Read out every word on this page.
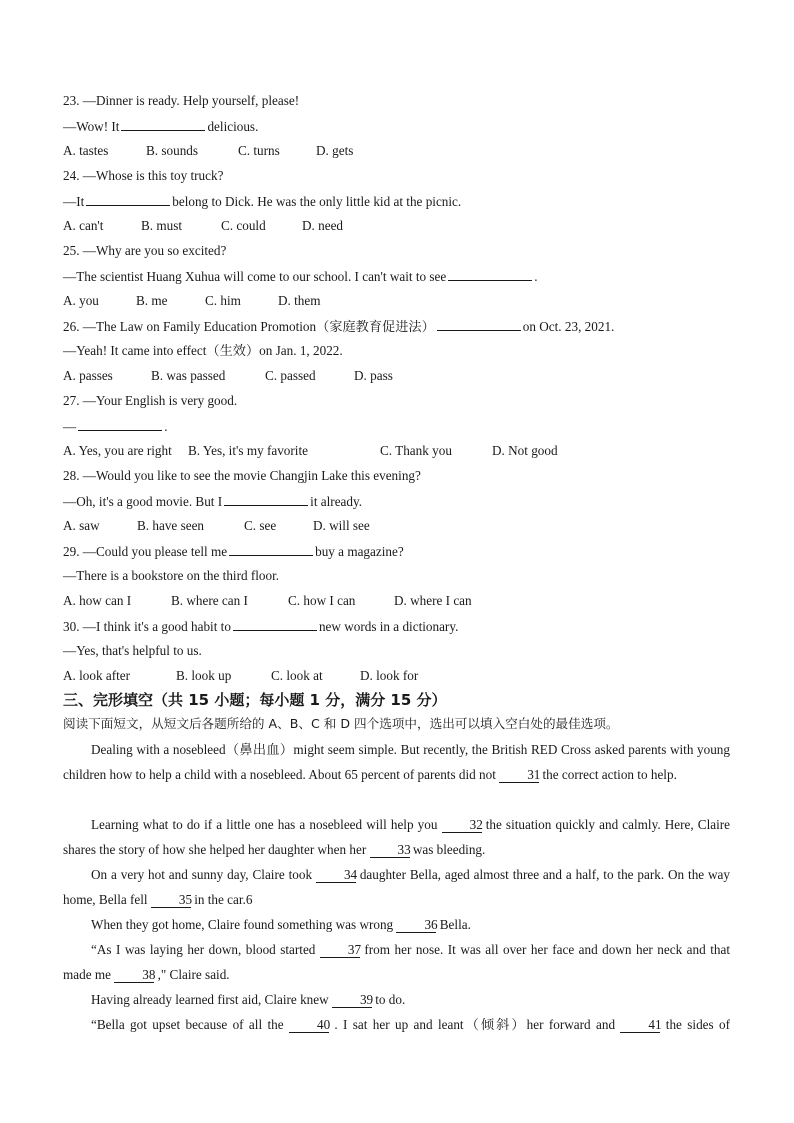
23. —Dinner is ready. Help yourself, please!
—Wow! It	delicious.
A. tastes	B. sounds	C. turns	D. gets
24. —Whose is this toy truck?
—It	belong to Dick. He was the only little kid at the picnic.
A. can't	B. must	C. could	D. need
25. —Why are you so excited?
—The scientist Huang Xuhua will come to our school. I can't wait to see	.
A. you	B. me	C. him	D. them
26. —The Law on Family Education Promotion（家庭教育促进法）	on Oct. 23, 2021.
—Yeah! It came into effect（生效）on Jan. 1, 2022.
A. passes	B. was passed	C. passed	D. pass
27. —Your English is very good.
—	.
A. Yes, you are right B. Yes, it's my favorite	C. Thank you	D. Not good
28. —Would you like to see the movie Changjin Lake this evening?
—Oh, it's a good movie. But I	it already.
A. saw	B. have seen	C. see	D. will see
29. —Could you please tell me	buy a magazine?
—There is a bookstore on the third floor.
A. how can I	B. where can I	C. how I can	D. where I can
30. —I think it's a good habit to	new words in a dictionary.
—Yes, that's helpful to us.
A. look after	B. look up	C. look at	D. look for
三、完形填空（共 15 小题；每小题 1 分，满分 15 分）
阅读下面短文，从短文后各题所给的 A、B、C 和 D 四个选项中，选出可以填入空白处的最佳选项。
Dealing with a nosebleed（鼻出血）might seem simple. But recently, the British RED Cross asked parents with young children how to help a child with a nosebleed. About 65 percent of parents did not 31 the correct action to help.
Learning what to do if a little one has a nosebleed will help you 32 the situation quickly and calmly. Here, Claire shares the story of how she helped her daughter when her 33 was bleeding.
On a very hot and sunny day, Claire took 34 daughter Bella, aged almost three and a half, to the park. On the way home, Bella fell 35 in the car.6
When they got home, Claire found something was wrong 36 Bella.
“As I was laying her down, blood started 37 from her nose. It was all over her face and down her neck and that made me 38 ," Claire said.
Having already learned first aid, Claire knew 39 to do.
“Bella got upset because of all the 40 . I sat her up and leant（倾斜）her forward and 41 the sides of
